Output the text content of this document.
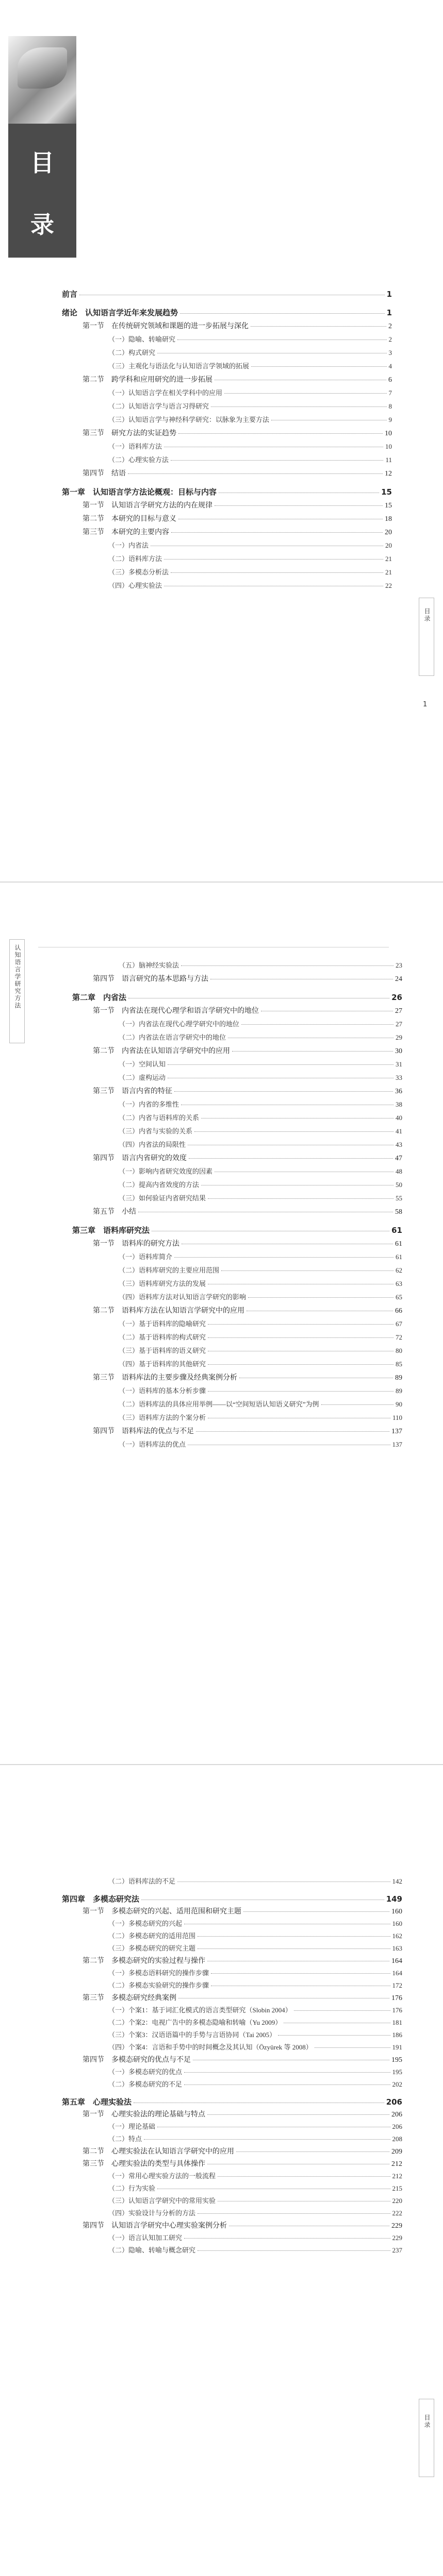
目
录
前言	1
绪论　认知语言学近年来发展趋势	1
第一节　在传统研究领域和课题的进一步拓展与深化	2
（一）隐喻、转喻研究	2
（二）构式研究	3
（三）主观化与语法化与认知语言学领域的拓展	4
第二节　跨学科和应用研究的进一步拓展	6
（一）认知语言学在相关学科中的应用	7
（二）认知语言学与语言习得研究	8
（三）认知语言学与神经科学研究：以脉象为主要方法	9
第三节　研究方法的实证趋势	10
（一）语料库方法	10
（二）心理实验方法	11
第四节　结语	12
第一章　认知语言学方法论概观：目标与内容	15
第一节　认知语言学研究方法的内在规律	15
第二节　本研究的目标与意义	18
第三节　本研究的主要内容	20
（一）内省法	20
（二）语料库方法	21
（三）多模态分析法	21
（四）心理实验法	22
目录
1
（五）脑神经实验法	23
第四节　语言研究的基本思路与方法	24
第二章　内省法	26
第一节　内省法在现代心理学和语言学研究中的地位	27
（一）内省法在现代心理学研究中的地位	27
（二）内省法在语言学研究中的地位	29
第二节　内省法在认知语言学研究中的应用	30
（一）空间认知	31
（二）虚构运动	33
第三节　语言内省的特征	36
（一）内省的多维性	38
（二）内省与语料库的关系	40
（三）内省与实验的关系	41
（四）内省法的局限性	43
第四节　语言内省研究的效度	47
（一）影响内省研究效度的因素	48
（二）提高内省效度的方法	50
（三）如何验证内省研究结果	55
第五节　小结	58
第三章　语料库研究法	61
第一节　语料库的研究方法	61
（一）语料库简介	61
（二）语料库研究的主要应用范围	62
（三）语料库研究方法的发展	63
（四）语料库方法对认知语言学研究的影响	65
第二节　语料库方法在认知语言学研究中的应用	66
（一）基于语料库的隐喻研究	67
（二）基于语料库的构式研究	72
（三）基于语料库的语义研究	80
（四）基于语料库的其他研究	85
第三节　语料库法的主要步骤及经典案例分析	89
（一）语料库的基本分析步骤	89
（二）语料库法的具体应用举例——以“空间短语认知语义研究”为例	90
（三）语料库方法的个案分析	110
第四节　语料库法的优点与不足	137
（一）语料库法的优点	137
认知语言学研究方法
（二）语料库法的不足	142
第四章　多模态研究法	149
第一节　多模态研究的兴起、适用范围和研究主题	160
（一）多模态研究的兴起	160
（二）多模态研究的适用范围	162
（三）多模态研究的研究主题	163
第二节　多模态研究的实验过程与操作	164
（一）多模态语料研究的操作步骤	164
（二）多模态实验研究的操作步骤	172
第三节　多模态研究经典案例	176
（一）个案1：基于词汇化模式的语言类型研究（Slobin 2004）	176
（二）个案2：电视广告中的多模态隐喻和转喻（Yu 2009）	181
（三）个案3：汉语语篇中的手势与言语协同（Tai 2005）	186
（四）个案4：言语和手势中的时间概念及其认知（Özyürek 等 2008）	191
第四节　多模态研究的优点与不足	195
（一）多模态研究的优点	195
（二）多模态研究的不足	202
第五章　心理实验法	206
第一节　心理实验法的理论基础与特点	206
（一）理论基础	206
（二）特点	208
第二节　心理实验法在认知语言学研究中的应用	209
第三节　心理实验法的类型与具体操作	212
（一）常用心理实验方法的一般流程	212
（二）行为实验	215
（三）认知语言学研究中的常用实验	220
（四）实验设计与分析的方法	222
第四节　认知语言学研究中心理实验案例分析	229
（一）语言认知加工研究	229
（二）隐喻、转喻与概念研究	237
目录
